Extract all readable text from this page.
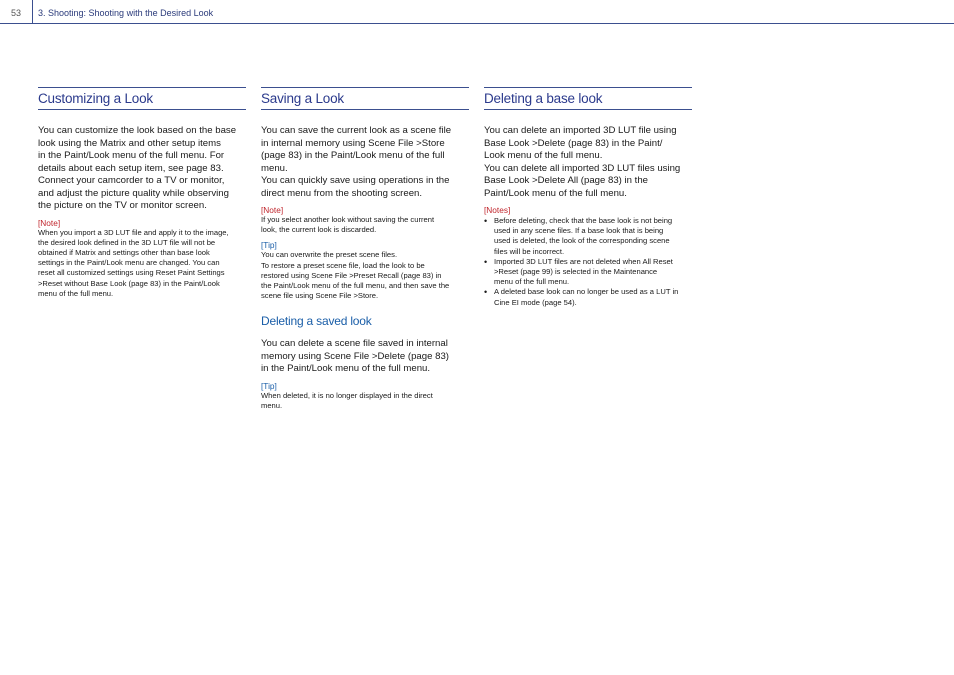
53 3. Shooting: Shooting with the Desired Look
Customizing a Look

You can customize the look based on the base
look using the Matrix and other setup items
in the Paint/Look menu of the full menu. For
details about each setup item, see page 83.
Connect your camcorder to a TV or monitor,
and adjust the picture quality while observing
the picture on the TV or monitor screen.

[Note]

When you import a 3D LUT file and apply it to the image,
the desired look defined in the 3D LUT file will not be
obtained if Matrix and settings other than base look
settings in the Paint/Look menu are changed. You can
reset all customized settings using Reset Paint Settings
>Reset without Base Look (page 83) in the Paint/Look
menu of the full menu.

Saving a Look

You can save the current look as a scene file
in internal memory using Scene File >Store
(page 83) in the Paint/Look menu of the full
menu.
You can quickly save using operations in the
direct menu from the shooting screen.

[Note]

If you select another look without saving the current
look, the current look is discarded.

[Tip]

You can overwrite the preset scene files.
To restore a preset scene file, load the look to be
restored using Scene File >Preset Recall (page 83) in
the Paint/Look menu of the full menu, and then save the
scene file using Scene File >Store.

Deleting a saved look

You can delete a scene file saved in internal
memory using Scene File >Delete (page 83)
in the Paint/Look menu of the full menu.

[Tip]

When deleted, it is no longer displayed in the direct
menu.

Deleting a base look

You can delete an imported 3D LUT file using
Base Look >Delete (page 83) in the Paint/
Look menu of the full menu.
You can delete all imported 3D LUT files using
Base Look >Delete All (page 83) in the
Paint/Look menu of the full menu.

[Notes]
• Before deleting, check that the base look is not being
used in any scene files. If a base look that is being
used is deleted, the look of the corresponding scene
files will be incorrect.
• Imported 3D LUT files are not deleted when All Reset
>Reset (page 99) is selected in the Maintenance
menu of the full menu.
• A deleted base look can no longer be used as a LUT in
Cine EI mode (page 54).
